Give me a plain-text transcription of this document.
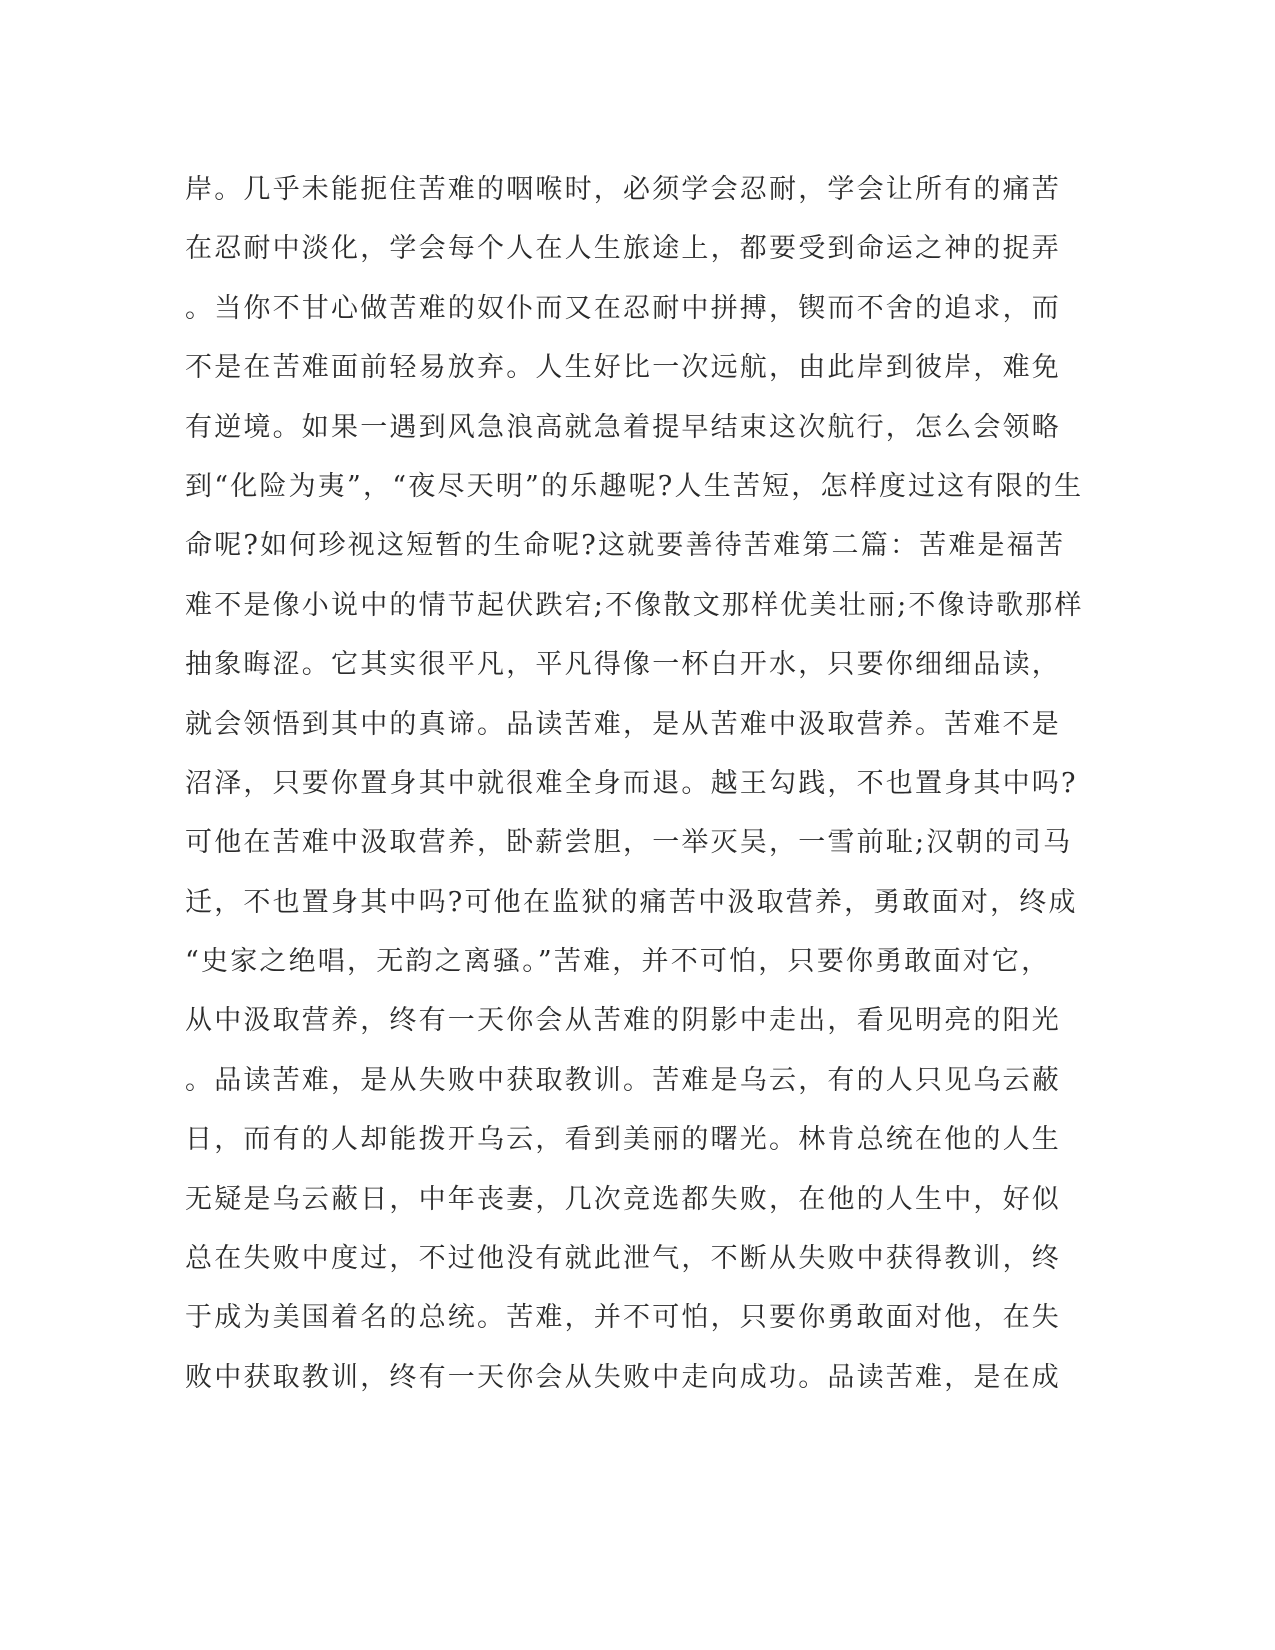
岸。几乎未能扼住苦难的咽喉时，必须学会忍耐，学会让所有的痛苦
在忍耐中淡化，学会每个人在人生旅途上，都要受到命运之神的捉弄
。当你不甘心做苦难的奴仆而又在忍耐中拼搏，锲而不舍的追求，而
不是在苦难面前轻易放弃。人生好比一次远航，由此岸到彼岸，难免
有逆境。如果一遇到风急浪高就急着提早结束这次航行，怎么会领略
到“化险为夷”，“夜尽天明”的乐趣呢?人生苦短，怎样度过这有限的生
命呢?如何珍视这短暂的生命呢?这就要善待苦难第二篇：苦难是福苦
难不是像小说中的情节起伏跌宕;不像散文那样优美壮丽;不像诗歌那样
抽象晦涩。它其实很平凡，平凡得像一杯白开水，只要你细细品读，
就会领悟到其中的真谛。品读苦难，是从苦难中汲取营养。苦难不是
沼泽，只要你置身其中就很难全身而退。越王勾践，不也置身其中吗?
可他在苦难中汲取营养，卧薪尝胆，一举灭吴，一雪前耻;汉朝的司马
迁，不也置身其中吗?可他在监狱的痛苦中汲取营养，勇敢面对，终成
“史家之绝唱，无韵之离骚。”苦难，并不可怕，只要你勇敢面对它，
从中汲取营养，终有一天你会从苦难的阴影中走出，看见明亮的阳光
。品读苦难，是从失败中获取教训。苦难是乌云，有的人只见乌云蔽
日，而有的人却能拨开乌云，看到美丽的曙光。林肯总统在他的人生
无疑是乌云蔽日，中年丧妻，几次竞选都失败，在他的人生中，好似
总在失败中度过，不过他没有就此泄气，不断从失败中获得教训，终
于成为美国着名的总统。苦难，并不可怕，只要你勇敢面对他，在失
败中获取教训，终有一天你会从失败中走向成功。品读苦难，是在成
